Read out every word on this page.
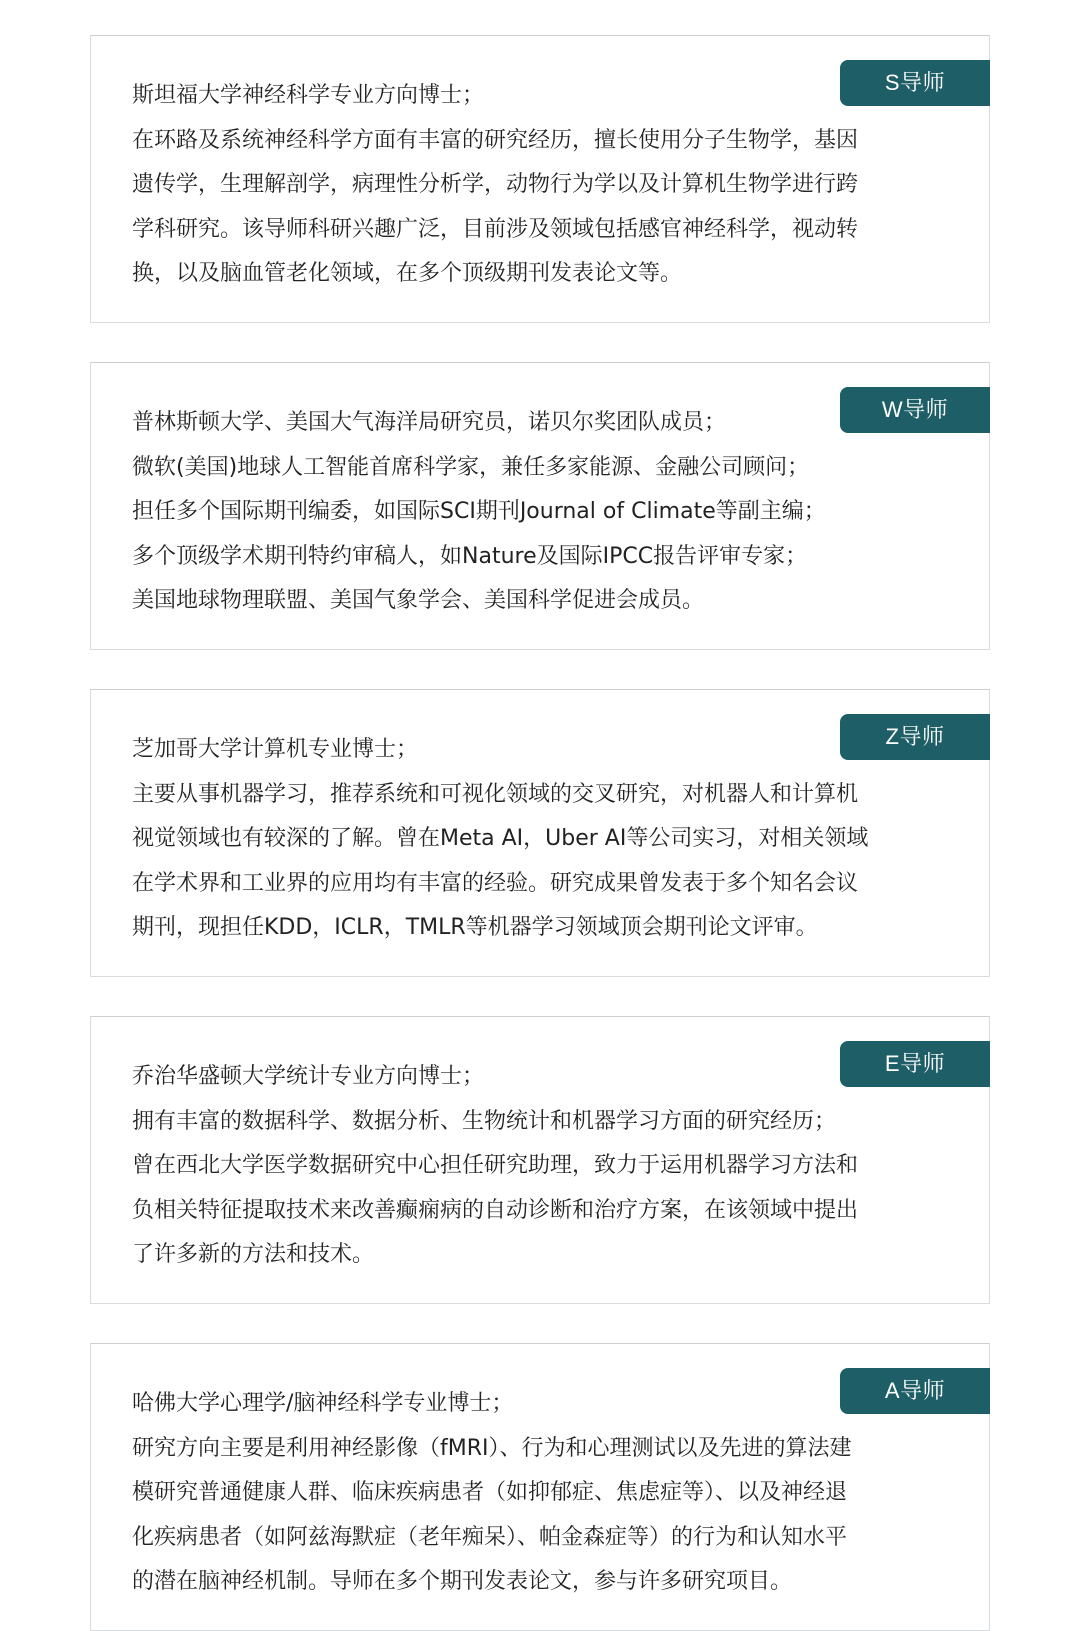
S导师
斯坦福大学神经科学专业方向博士；
在环路及系统神经科学方面有丰富的研究经历，擅长使用分子生物学，基因
遗传学，生理解剖学，病理性分析学，动物行为学以及计算机生物学进行跨
学科研究。该导师科研兴趣广泛，目前涉及领域包括感官神经科学，视动转
换，以及脑血管老化领域，在多个顶级期刊发表论文等。
W导师
普林斯顿大学、美国大气海洋局研究员，诺贝尔奖团队成员；
微软(美国)地球人工智能首席科学家，兼任多家能源、金融公司顾问；
担任多个国际期刊编委，如国际SCI期刊Journal of Climate等副主编；
多个顶级学术期刊特约审稿人，如Nature及国际IPCC报告评审专家；
美国地球物理联盟、美国气象学会、美国科学促进会成员。
Z导师
芝加哥大学计算机专业博士；
主要从事机器学习，推荐系统和可视化领域的交叉研究，对机器人和计算机
视觉领域也有较深的了解。曾在Meta AI，Uber AI等公司实习，对相关领域
在学术界和工业界的应用均有丰富的经验。研究成果曾发表于多个知名会议
期刊，现担任KDD，ICLR，TMLR等机器学习领域顶会期刊论文评审。
E导师
乔治华盛顿大学统计专业方向博士；
拥有丰富的数据科学、数据分析、生物统计和机器学习方面的研究经历；
曾在西北大学医学数据研究中心担任研究助理，致力于运用机器学习方法和
负相关特征提取技术来改善癫痫病的自动诊断和治疗方案，在该领域中提出
了许多新的方法和技术。
A导师
哈佛大学心理学/脑神经科学专业博士；
研究方向主要是利用神经影像（fMRI）、行为和心理测试以及先进的算法建
模研究普通健康人群、临床疾病患者（如抑郁症、焦虑症等）、以及神经退
化疾病患者（如阿兹海默症（老年痴呆）、帕金森症等）的行为和认知水平
的潜在脑神经机制。导师在多个期刊发表论文，参与许多研究项目。
